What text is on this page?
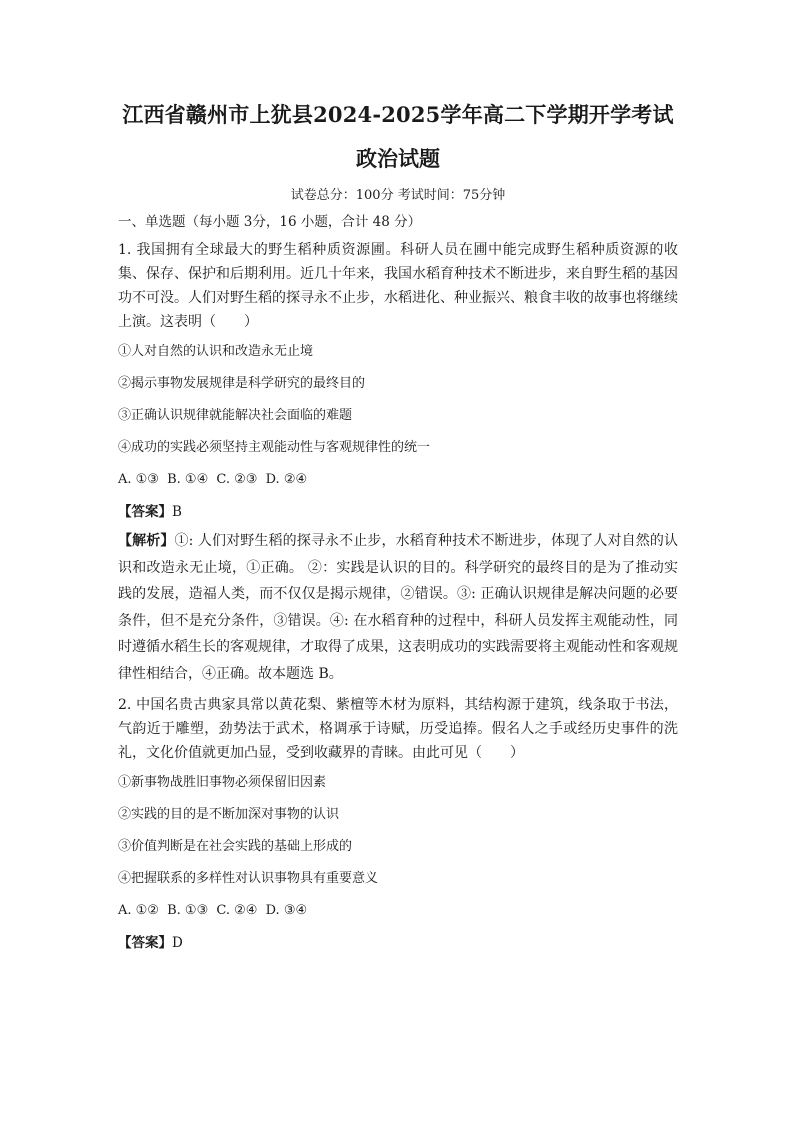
江西省赣州市上犹县2024-2025学年高二下学期开学考试
政治试题

试卷总分：100分 考试时间：75分钟

一、单选题（每小题 3分，16 小题，合计 48 分）

1. 我国拥有全球最大的野生稻种质资源圃。科研人员在圃中能完成野生稻种质资源的收集、保存、保护和后期利用。近几十年来，我国水稻育种技术不断进步，来自野生稻的基因功不可没。人们对野生稻的探寻永不止步，水稻进化、种业振兴、粮食丰收的故事也将继续上演。这表明（　　）

①人对自然的认识和改造永无止境

②揭示事物发展规律是科学研究的最终目的

③正确认识规律就能解决社会面临的难题

④成功的实践必须坚持主观能动性与客观规律性的统一

A. ①③ B. ①④ C. ②③ D. ②④

【答案】B

【解析】①: 人们对野生稻的探寻永不止步，水稻育种技术不断进步，体现了人对自然的认识和改造永无止境，①正确。 ②：实践是认识的目的。科学研究的最终目的是为了推动实践的发展，造福人类，而不仅仅是揭示规律，②错误。③: 正确认识规律是解决问题的必要条件，但不是充分条件，③错误。④: 在水稻育种的过程中，科研人员发挥主观能动性，同时遵循水稻生长的客观规律，才取得了成果，这表明成功的实践需要将主观能动性和客观规律性相结合，④正确。故本题选 B。

2. 中国名贵古典家具常以黄花梨、紫檀等木材为原料，其结构源于建筑，线条取于书法，气韵近于雕塑，劲势法于武术，格调承于诗赋，历受追捧。假名人之手或经历史事件的洗礼，文化价值就更加凸显，受到收藏界的青睐。由此可见（　　）

①新事物战胜旧事物必须保留旧因素

②实践的目的是不断加深对事物的认识

③价值判断是在社会实践的基础上形成的

④把握联系的多样性对认识事物具有重要意义

A. ①② B. ①③ C. ②④ D. ③④

【答案】D
